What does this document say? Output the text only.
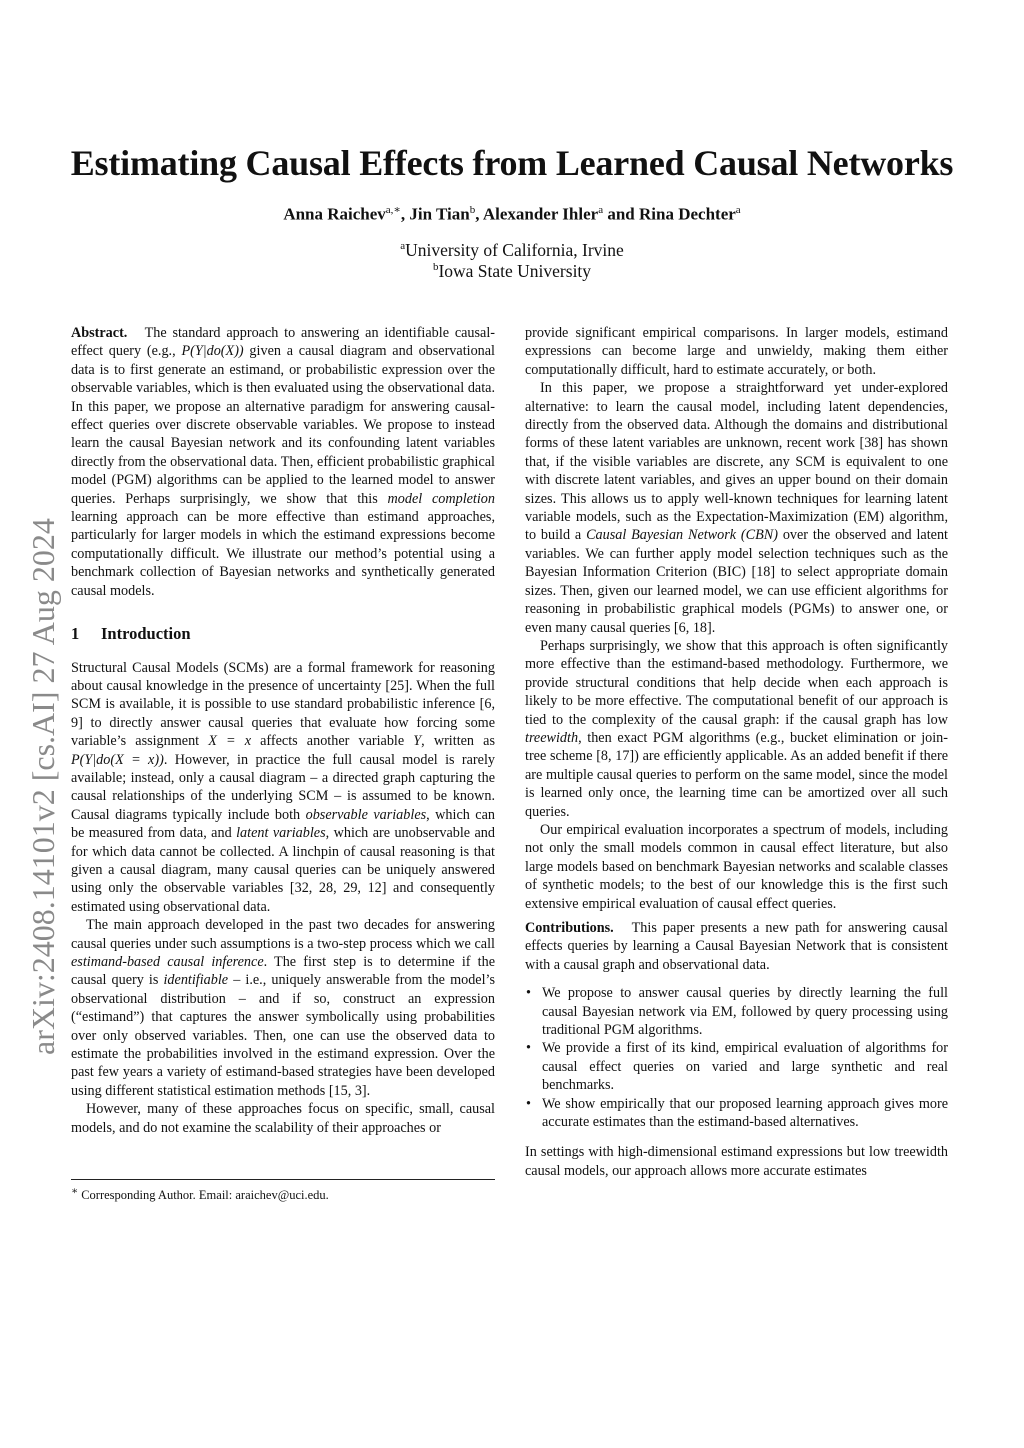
arXiv:2408.14101v2 [cs.AI] 27 Aug 2024
Estimating Causal Effects from Learned Causal Networks
Anna Raichev$^{a,∗}$, Jin Tian$^b$, Alexander Ihler$^a$ and Rina Dechter$^a$
$^a$University of California, Irvine
$^b$Iowa State University

Abstract. The standard approach to answering an identifiable causal-effect query (e.g., P(Y|do(X)) given a causal diagram and observational data is to first generate an estimand, or probabilistic expression over the observable variables, which is then evaluated using the observational data. In this paper, we propose an alternative paradigm for answering causal-effect queries over discrete observable variables. We propose to instead learn the causal Bayesian network and its confounding latent variables directly from the observational data. Then, efficient probabilistic graphical model (PGM) algorithms can be applied to the learned model to answer queries. Perhaps surprisingly, we show that this model completion learning approach can be more effective than estimand approaches, particularly for larger models in which the estimand expressions become computationally difficult. We illustrate our method’s potential using a benchmark collection of Bayesian networks and synthetically generated causal models.

1 Introduction

Structural Causal Models (SCMs) are a formal framework for reasoning about causal knowledge in the presence of uncertainty [25]. When the full SCM is available, it is possible to use standard probabilistic inference [6, 9] to directly answer causal queries that evaluate how forcing some variable’s assignment X = x affects another variable Y, written as P(Y|do(X = x)). However, in practice the full causal model is rarely available; instead, only a causal diagram – a directed graph capturing the causal relationships of the underlying SCM – is assumed to be known. Causal diagrams typically include both observable variables, which can be measured from data, and latent variables, which are unobservable and for which data cannot be collected. A linchpin of causal reasoning is that given a causal diagram, many causal queries can be uniquely answered using only the observable variables [32, 28, 29, 12] and consequently estimated using observational data.

The main approach developed in the past two decades for answering causal queries under such assumptions is a two-step process which we call estimand-based causal inference. The first step is to determine if the causal query is identifiable – i.e., uniquely answerable from the model’s observational distribution – and if so, construct an expression (“estimand”) that captures the answer symbolically using probabilities over only observed variables. Then, one can use the observed data to estimate the probabilities involved in the estimand expression. Over the past few years a variety of estimand-based strategies have been developed using different statistical estimation methods [15, 3].

However, many of these approaches focus on specific, small, causal models, and do not examine the scalability of their approaches or

∗ Corresponding Author. Email: araichev@uci.edu.

provide significant empirical comparisons. In larger models, estimand expressions can become large and unwieldy, making them either computationally difficult, hard to estimate accurately, or both.

In this paper, we propose a straightforward yet under-explored alternative: to learn the causal model, including latent dependencies, directly from the observed data. Although the domains and distributional forms of these latent variables are unknown, recent work [38] has shown that, if the visible variables are discrete, any SCM is equivalent to one with discrete latent variables, and gives an upper bound on their domain sizes. This allows us to apply well-known techniques for learning latent variable models, such as the Expectation-Maximization (EM) algorithm, to build a Causal Bayesian Network (CBN) over the observed and latent variables. We can further apply model selection techniques such as the Bayesian Information Criterion (BIC) [18] to select appropriate domain sizes. Then, given our learned model, we can use efficient algorithms for reasoning in probabilistic graphical models (PGMs) to answer one, or even many causal queries [6, 18].

Perhaps surprisingly, we show that this approach is often significantly more effective than the estimand-based methodology. Furthermore, we provide structural conditions that help decide when each approach is likely to be more effective. The computational benefit of our approach is tied to the complexity of the causal graph: if the causal graph has low treewidth, then exact PGM algorithms (e.g., bucket elimination or join-tree scheme [8, 17]) are efficiently applicable. As an added benefit if there are multiple causal queries to perform on the same model, since the model is learned only once, the learning time can be amortized over all such queries.

Our empirical evaluation incorporates a spectrum of models, including not only the small models common in causal effect literature, but also large models based on benchmark Bayesian networks and scalable classes of synthetic models; to the best of our knowledge this is the first such extensive empirical evaluation of causal effect queries.

Contributions. This paper presents a new path for answering causal effects queries by learning a Causal Bayesian Network that is consistent with a causal graph and observational data.

• We propose to answer causal queries by directly learning the full causal Bayesian network via EM, followed by query processing using traditional PGM algorithms.
• We provide a first of its kind, empirical evaluation of algorithms for causal effect queries on varied and large synthetic and real benchmarks.
• We show empirically that our proposed learning approach gives more accurate estimates than the estimand-based alternatives.

In settings with high-dimensional estimand expressions but low treewidth causal models, our approach allows more accurate estimates
